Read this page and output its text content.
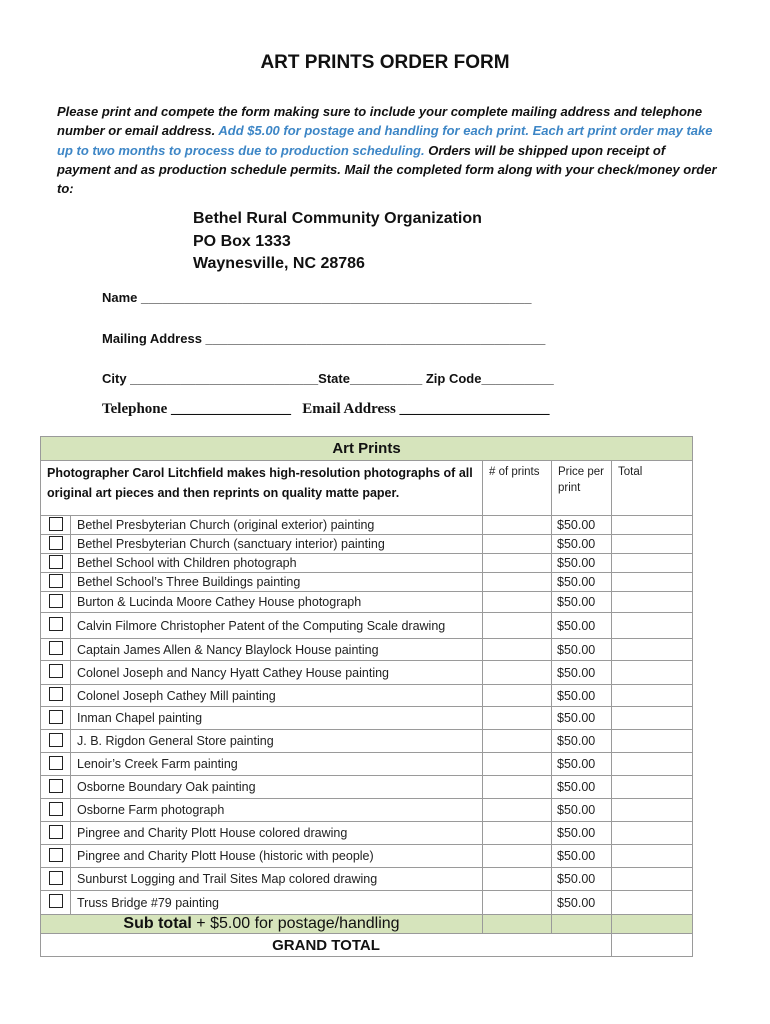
ART PRINTS ORDER FORM
Please print and compete the form making sure to include your complete mailing address and telephone number or email address. Add $5.00 for postage and handling for each print. Each art print order may take up to two months to process due to production scheduling. Orders will be shipped upon receipt of payment and as production schedule permits. Mail the completed form along with your check/money order to:
Bethel Rural Community Organization
PO Box 1333
Waynesville, NC 28786
Name ______________________________________________________
Mailing Address _______________________________________________
City __________________________State__________ Zip Code__________
Telephone ________________   Email Address ____________________
Art Prints				
Photographer Carol Litchfield makes high-resolution photographs of all original art pieces and then reprints on quality matte paper.		# of prints	Price per print	Total
	Bethel Presbyterian Church (original exterior) painting		$50.00	
	Bethel Presbyterian Church (sanctuary interior) painting		$50.00	
	Bethel School with Children photograph		$50.00	
	Bethel School’s Three Buildings painting		$50.00	
	Burton & Lucinda Moore Cathey House photograph		$50.00	
	Calvin Filmore Christopher Patent of the Computing Scale drawing		$50.00	
	Captain James Allen & Nancy Blaylock House painting		$50.00	
	Colonel Joseph and Nancy Hyatt Cathey House painting		$50.00	
	Colonel Joseph Cathey Mill painting		$50.00	
	Inman Chapel painting		$50.00	
	J. B. Rigdon General Store painting		$50.00	
	Lenoir’s Creek Farm painting		$50.00	
	Osborne Boundary Oak painting		$50.00	
	Osborne Farm photograph		$50.00	
	Pingree and Charity Plott House colored drawing		$50.00	
	Pingree and Charity Plott House (historic with people)		$50.00	
	Sunburst Logging and Trail Sites Map colored drawing		$50.00	
	Truss Bridge #79 painting		$50.00	
Sub total + $5.00 for postage/handling				
GRAND TOTAL				
